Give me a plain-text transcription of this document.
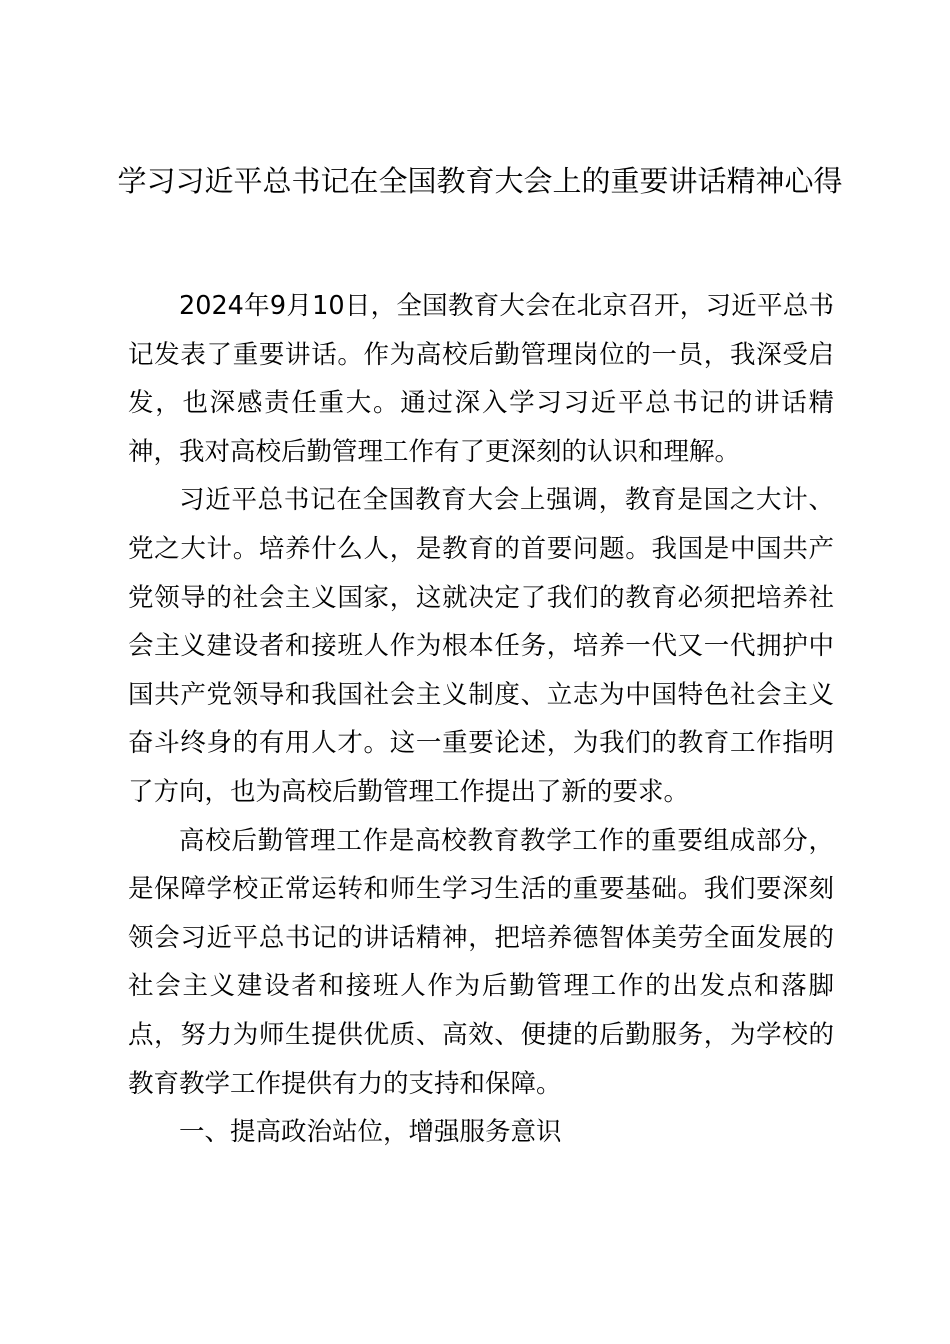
学习习近平总书记在全国教育大会上的重要讲话精神心得

2024年9月10日，全国教育大会在北京召开，习近平总书记发表了重要讲话。作为高校后勤管理岗位的一员，我深受启发，也深感责任重大。通过深入学习习近平总书记的讲话精神，我对高校后勤管理工作有了更深刻的认识和理解。

习近平总书记在全国教育大会上强调，教育是国之大计、党之大计。培养什么人，是教育的首要问题。我国是中国共产党领导的社会主义国家，这就决定了我们的教育必须把培养社会主义建设者和接班人作为根本任务，培养一代又一代拥护中国共产党领导和我国社会主义制度、立志为中国特色社会主义奋斗终身的有用人才。这一重要论述，为我们的教育工作指明了方向，也为高校后勤管理工作提出了新的要求。

高校后勤管理工作是高校教育教学工作的重要组成部分，是保障学校正常运转和师生学习生活的重要基础。我们要深刻领会习近平总书记的讲话精神，把培养德智体美劳全面发展的社会主义建设者和接班人作为后勤管理工作的出发点和落脚点，努力为师生提供优质、高效、便捷的后勤服务，为学校的教育教学工作提供有力的支持和保障。

一、提高政治站位，增强服务意识
